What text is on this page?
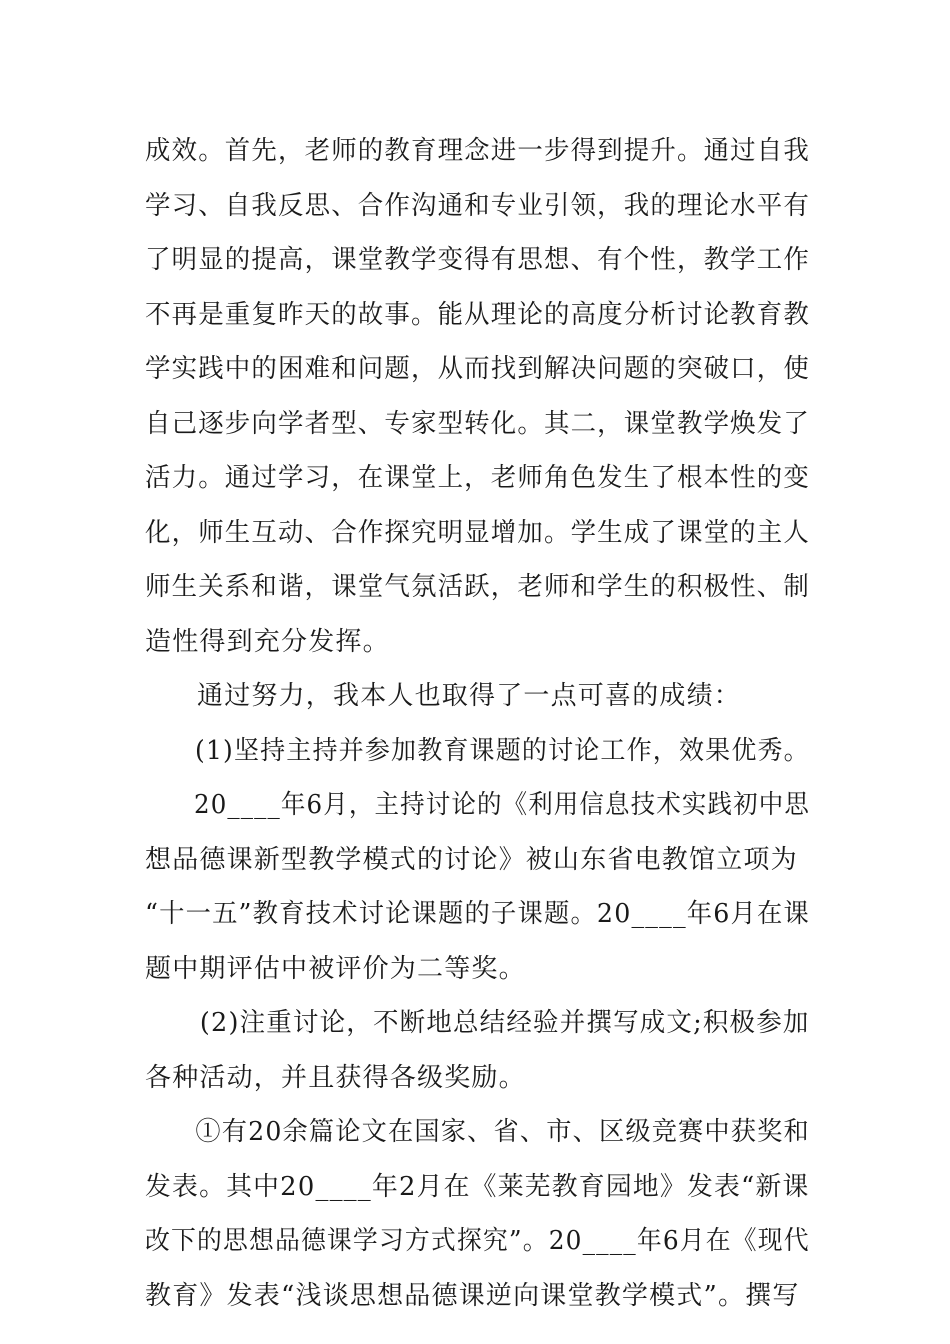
成效。首先，老师的教育理念进一步得到提升。通过自我
学习、自我反思、合作沟通和专业引领，我的理论水平有
了明显的提高，课堂教学变得有思想、有个性，教学工作
不再是重复昨天的故事。能从理论的高度分析讨论教育教
学实践中的困难和问题，从而找到解决问题的突破口，使
自己逐步向学者型、专家型转化。其二，课堂教学焕发了
活力。通过学习，在课堂上，老师角色发生了根本性的变
化，师生互动、合作探究明显增加。学生成了课堂的主人
师生关系和谐，课堂气氛活跃，老师和学生的积极性、制
造性得到充分发挥。
通过努力，我本人也取得了一点可喜的成绩：
(1)坚持主持并参加教育课题的讨论工作，效果优秀。
20____年6月，主持讨论的《利用信息技术实践初中思
想品德课新型教学模式的讨论》被山东省电教馆立项为
“十一五”教育技术讨论课题的子课题。20____年6月在课
题中期评估中被评价为二等奖。
(2)注重讨论，不断地总结经验并撰写成文;积极参加
各种活动，并且获得各级奖励。
①有20余篇论文在国家、省、市、区级竞赛中获奖和
发表。其中20____年2月在《莱芜教育园地》发表“新课
改下的思想品德课学习方式探究”。20____年6月在《现代
教育》发表“浅谈思想品德课逆向课堂教学模式”。撰写
